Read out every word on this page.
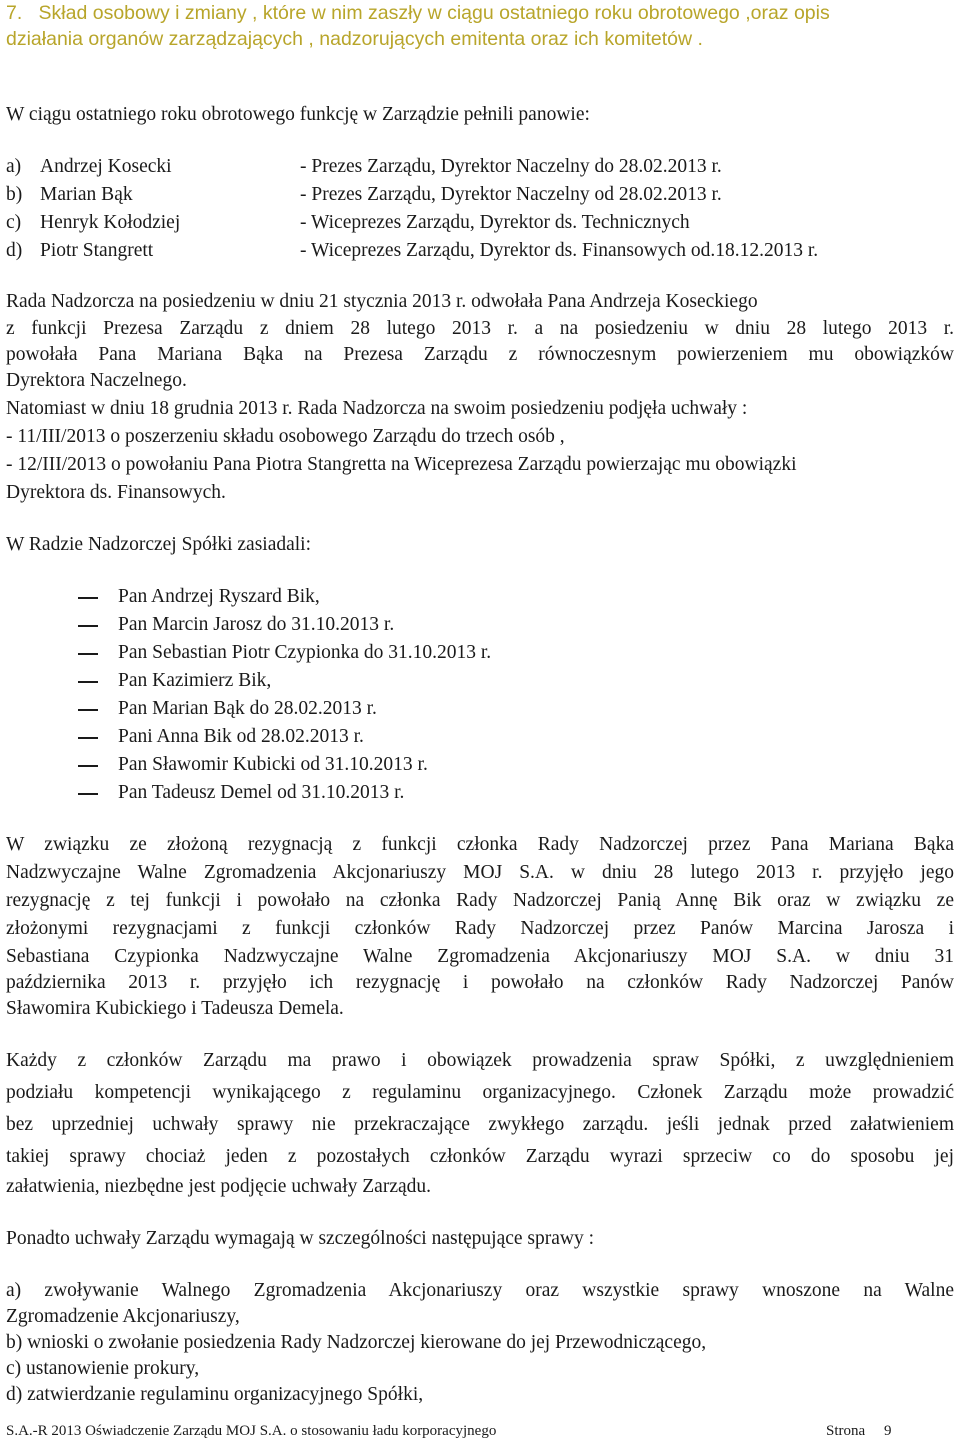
7. Skład osobowy i zmiany , które w nim zaszły w ciągu ostatniego roku obrotowego ,oraz opis
działania organów zarządzających , nadzorujących emitenta oraz ich komitetów .
W ciągu ostatniego roku obrotowego funkcję w Zarządzie pełnili panowie:
a) Andrzej Kosecki	- Prezes Zarządu, Dyrektor Naczelny do 28.02.2013 r.
b) Marian Bąk	- Prezes Zarządu, Dyrektor Naczelny od 28.02.2013 r.
c) Henryk Kołodziej	- Wiceprezes Zarządu, Dyrektor ds. Technicznych
d) Piotr Stangrett	- Wiceprezes Zarządu, Dyrektor ds. Finansowych od.18.12.2013 r.
Rada Nadzorcza na posiedzeniu w dniu 21 stycznia 2013 r. odwołała Pana Andrzeja Koseckiego
z funkcji Prezesa Zarządu z dniem 28 lutego 2013 r. a na posiedzeniu w dniu 28 lutego 2013 r.
powołała Pana Mariana Bąka na Prezesa Zarządu z równoczesnym powierzeniem mu obowiązków
Dyrektora Naczelnego.
Natomiast w dniu 18 grudnia 2013 r. Rada Nadzorcza na swoim posiedzeniu podjęła uchwały :
- 11/III/2013 o poszerzeniu składu osobowego Zarządu do trzech osób ,
- 12/III/2013 o powołaniu Pana Piotra Stangretta na Wiceprezesa Zarządu powierzając mu obowiązki
Dyrektora ds. Finansowych.
W Radzie Nadzorczej Spółki zasiadali:
Pan Andrzej Ryszard Bik,
Pan Marcin Jarosz do 31.10.2013 r.
Pan Sebastian Piotr Czypionka do 31.10.2013 r.
Pan Kazimierz Bik,
Pan Marian Bąk do 28.02.2013 r.
Pani Anna Bik od 28.02.2013 r.
Pan Sławomir Kubicki od 31.10.2013 r.
Pan Tadeusz Demel od 31.10.2013 r.
W związku ze złożoną rezygnacją z funkcji członka Rady Nadzorczej przez Pana Mariana Bąka
Nadzwyczajne Walne Zgromadzenia Akcjonariuszy MOJ S.A. w dniu 28 lutego 2013 r. przyjęło jego
rezygnację z tej funkcji i powołało na członka Rady Nadzorczej Panią Annę Bik oraz w związku ze
złożonymi rezygnacjami z funkcji członków Rady Nadzorczej przez Panów Marcina Jarosza i
Sebastiana Czypionka Nadzwyczajne Walne Zgromadzenia Akcjonariuszy MOJ S.A. w dniu 31
października 2013 r. przyjęło ich rezygnację i powołało na członków Rady Nadzorczej Panów
Sławomira Kubickiego i Tadeusza Demela.
Każdy z członków Zarządu ma prawo i obowiązek prowadzenia spraw Spółki, z uwzględnieniem
podziału kompetencji wynikającego z regulaminu organizacyjnego. Członek Zarządu może prowadzić
bez uprzedniej uchwały sprawy nie przekraczające zwykłego zarządu. jeśli jednak przed załatwieniem
takiej sprawy chociaż jeden z pozostałych członków Zarządu wyrazi sprzeciw co do sposobu jej
załatwienia, niezbędne jest podjęcie uchwały Zarządu.
Ponadto uchwały Zarządu wymagają w szczególności następujące sprawy :
a) zwoływanie Walnego Zgromadzenia Akcjonariuszy oraz wszystkie sprawy wnoszone na Walne
Zgromadzenie Akcjonariuszy,
b) wnioski o zwołanie posiedzenia Rady Nadzorczej kierowane do jej Przewodniczącego,
c) ustanowienie prokury,
d) zatwierdzanie regulaminu organizacyjnego Spółki,
S.A.-R 2013 Oświadczenie Zarządu MOJ S.A. o stosowaniu ładu korporacyjnego	Strona 9
